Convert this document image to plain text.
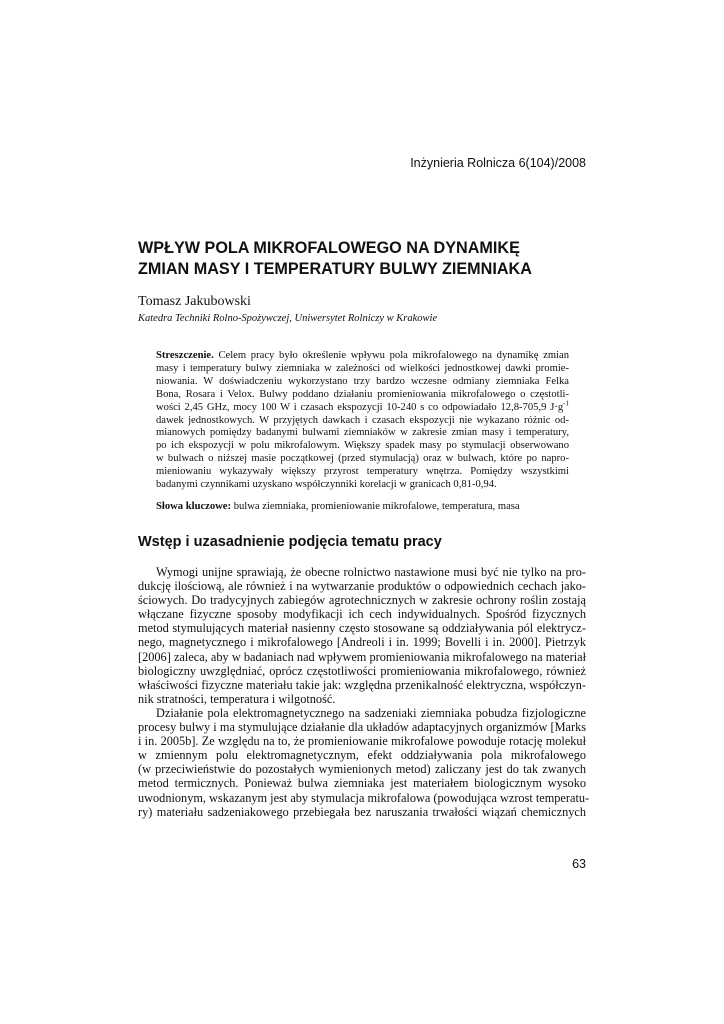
Inżynieria Rolnicza 6(104)/2008
WPŁYW POLA MIKROFALOWEGO NA DYNAMIKĘ
ZMIAN MASY I TEMPERATURY BULWY ZIEMNIAKA
Tomasz Jakubowski
Katedra Techniki Rolno-Spożywczej, Uniwersytet Rolniczy w Krakowie
Streszczenie. Celem pracy było określenie wpływu pola mikrofalowego na dynamikę zmian
masy i temperatury bulwy ziemniaka w zależności od wielkości jednostkowej dawki promie-
niowania. W doświadczeniu wykorzystano trzy bardzo wczesne odmiany ziemniaka Felka
Bona, Rosara i Velox. Bulwy poddano działaniu promieniowania mikrofalowego o częstotli-
wości 2,45 GHz, mocy 100 W i czasach ekspozycji 10-240 s co odpowiadało 12,8-705,9 $J\cdot g^{-1}$
dawek jednostkowych. W przyjętych dawkach i czasach ekspozycji nie wykazano różnic od-
mianowych pomiędzy badanymi bulwami ziemniaków w zakresie zmian masy i temperatury,
po ich ekspozycji w polu mikrofalowym. Większy spadek masy po stymulacji obserwowano
w bulwach o niższej masie początkowej (przed stymulacją) oraz w bulwach, które po napro-
mieniowaniu wykazywały większy przyrost temperatury wnętrza. Pomiędzy wszystkimi
badanymi czynnikami uzyskano współczynniki korelacji w granicach 0,81-0,94.
Słowa kluczowe: bulwa ziemniaka, promieniowanie mikrofalowe, temperatura, masa
Wstęp i uzasadnienie podjęcia tematu pracy
Wymogi unijne sprawiają, że obecne rolnictwo nastawione musi być nie tylko na pro-
dukcję ilościową, ale również i na wytwarzanie produktów o odpowiednich cechach jako-
ściowych. Do tradycyjnych zabiegów agrotechnicznych w zakresie ochrony roślin zostają
włączane fizyczne sposoby modyfikacji ich cech indywidualnych. Spośród fizycznych
metod stymulujących materiał nasienny często stosowane są oddziaływania pól elektrycz-
nego, magnetycznego i mikrofalowego [Andreoli i in. 1999; Bovelli i in. 2000]. Pietrzyk
[2006] zaleca, aby w badaniach nad wpływem promieniowania mikrofalowego na materiał
biologiczny uwzględniać, oprócz częstotliwości promieniowania mikrofalowego, również
właściwości fizyczne materiału takie jak: względna przenikalność elektryczna, współczyn-
nik stratności, temperatura i wilgotność.
Działanie pola elektromagnetycznego na sadzeniaki ziemniaka pobudza fizjologiczne
procesy bulwy i ma stymulujące działanie dla układów adaptacyjnych organizmów [Marks
i in. 2005b]. Ze względu na to, że promieniowanie mikrofalowe powoduje rotację molekuł
w zmiennym polu elektromagnetycznym, efekt oddziaływania pola mikrofalowego
(w przeciwieństwie do pozostałych wymienionych metod) zaliczany jest do tak zwanych
metod termicznych. Ponieważ bulwa ziemniaka jest materiałem biologicznym wysoko
uwodnionym, wskazanym jest aby stymulacja mikrofalowa (powodująca wzrost temperatu-
ry) materiału sadzeniakowego przebiegała bez naruszania trwałości wiązań chemicznych
63
